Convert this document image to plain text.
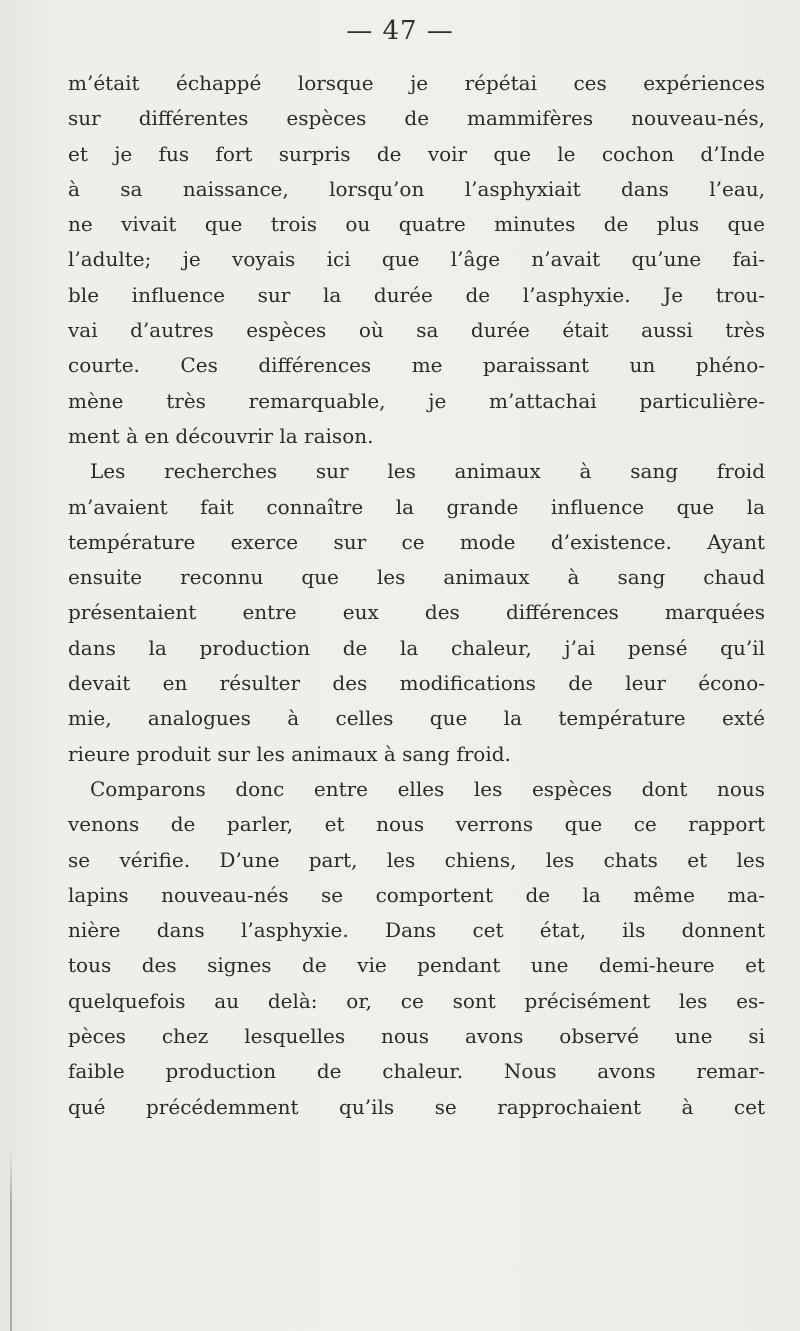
— 47 —
m’était échappé lorsque je répétai ces expériences
sur différentes espèces de mammifères nouveau-nés,
et je fus fort surpris de voir que le cochon d’Inde
à sa naissance, lorsqu’on l’asphyxiait dans l’eau,
ne vivait que trois ou quatre minutes de plus que
l’adulte; je voyais ici que l’âge n’avait qu’une fai-
ble influence sur la durée de l’asphyxie. Je trou-
vai d’autres espèces où sa durée était aussi très
courte. Ces différences me paraissant un phéno-
mène très remarquable, je m’attachai particulière-
ment à en découvrir la raison.
Les recherches sur les animaux à sang froid
m’avaient fait connaître la grande influence que la
température exerce sur ce mode d’existence. Ayant
ensuite reconnu que les animaux à sang chaud
présentaient entre eux des différences marquées
dans la production de la chaleur, j’ai pensé qu’il
devait en résulter des modifications de leur écono-
mie, analogues à celles que la température exté
rieure produit sur les animaux à sang froid.
Comparons donc entre elles les espèces dont nous
venons de parler, et nous verrons que ce rapport
se vérifie. D’une part, les chiens, les chats et les
lapins nouveau-nés se comportent de la même ma-
nière dans l’asphyxie. Dans cet état, ils donnent
tous des signes de vie pendant une demi-heure et
quelquefois au delà: or, ce sont précisément les es-
pèces chez lesquelles nous avons observé une si
faible production de chaleur. Nous avons remar-
qué précédemment qu’ils se rapprochaient à cet
